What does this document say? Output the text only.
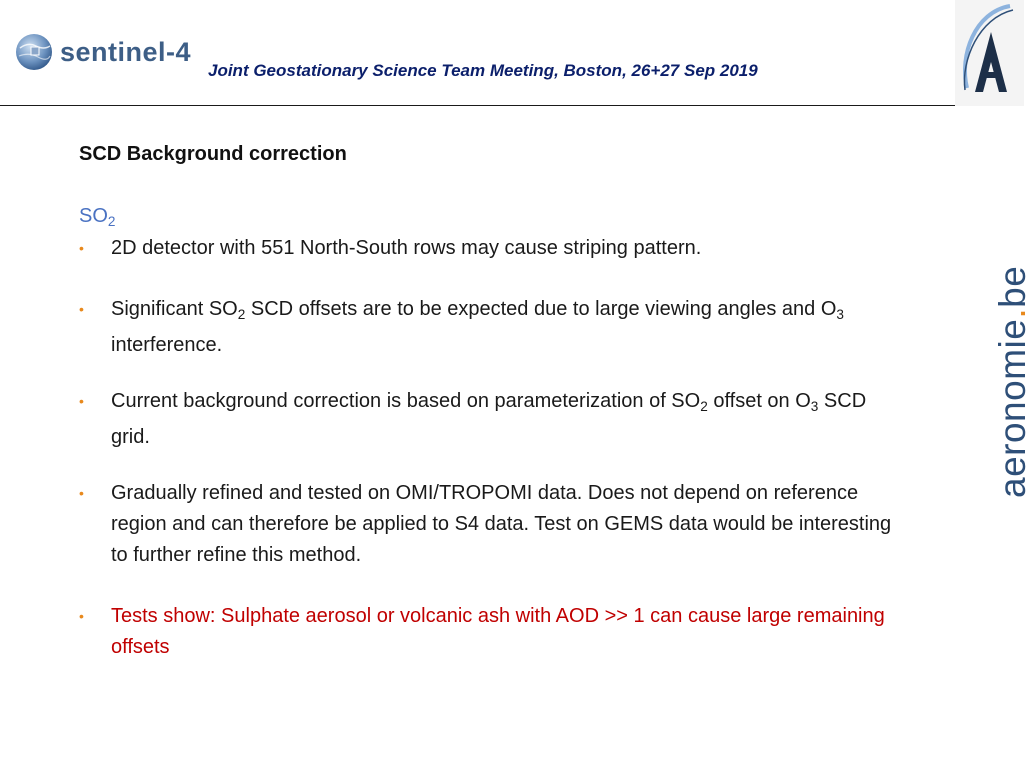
sentinel-4
Joint Geostationary Science Team Meeting, Boston, 26+27 Sep 2019
aeronomie.be
SCD Background correction
$SO_2$
• 2D detector with 551 North-South rows may cause striping pattern.
• Significant $SO_2$ SCD offsets are to be expected due to large viewing angles and $O_3$ interference.
• Current background correction is based on parameterization of $SO_2$ offset on $O_3$ SCD grid.
• Gradually refined and tested on OMI/TROPOMI data. Does not depend on reference region and can therefore be applied to S4 data. Test on GEMS data would be interesting to further refine this method.
• Tests show: Sulphate aerosol or volcanic ash with AOD >> 1 can cause large remaining offsets
